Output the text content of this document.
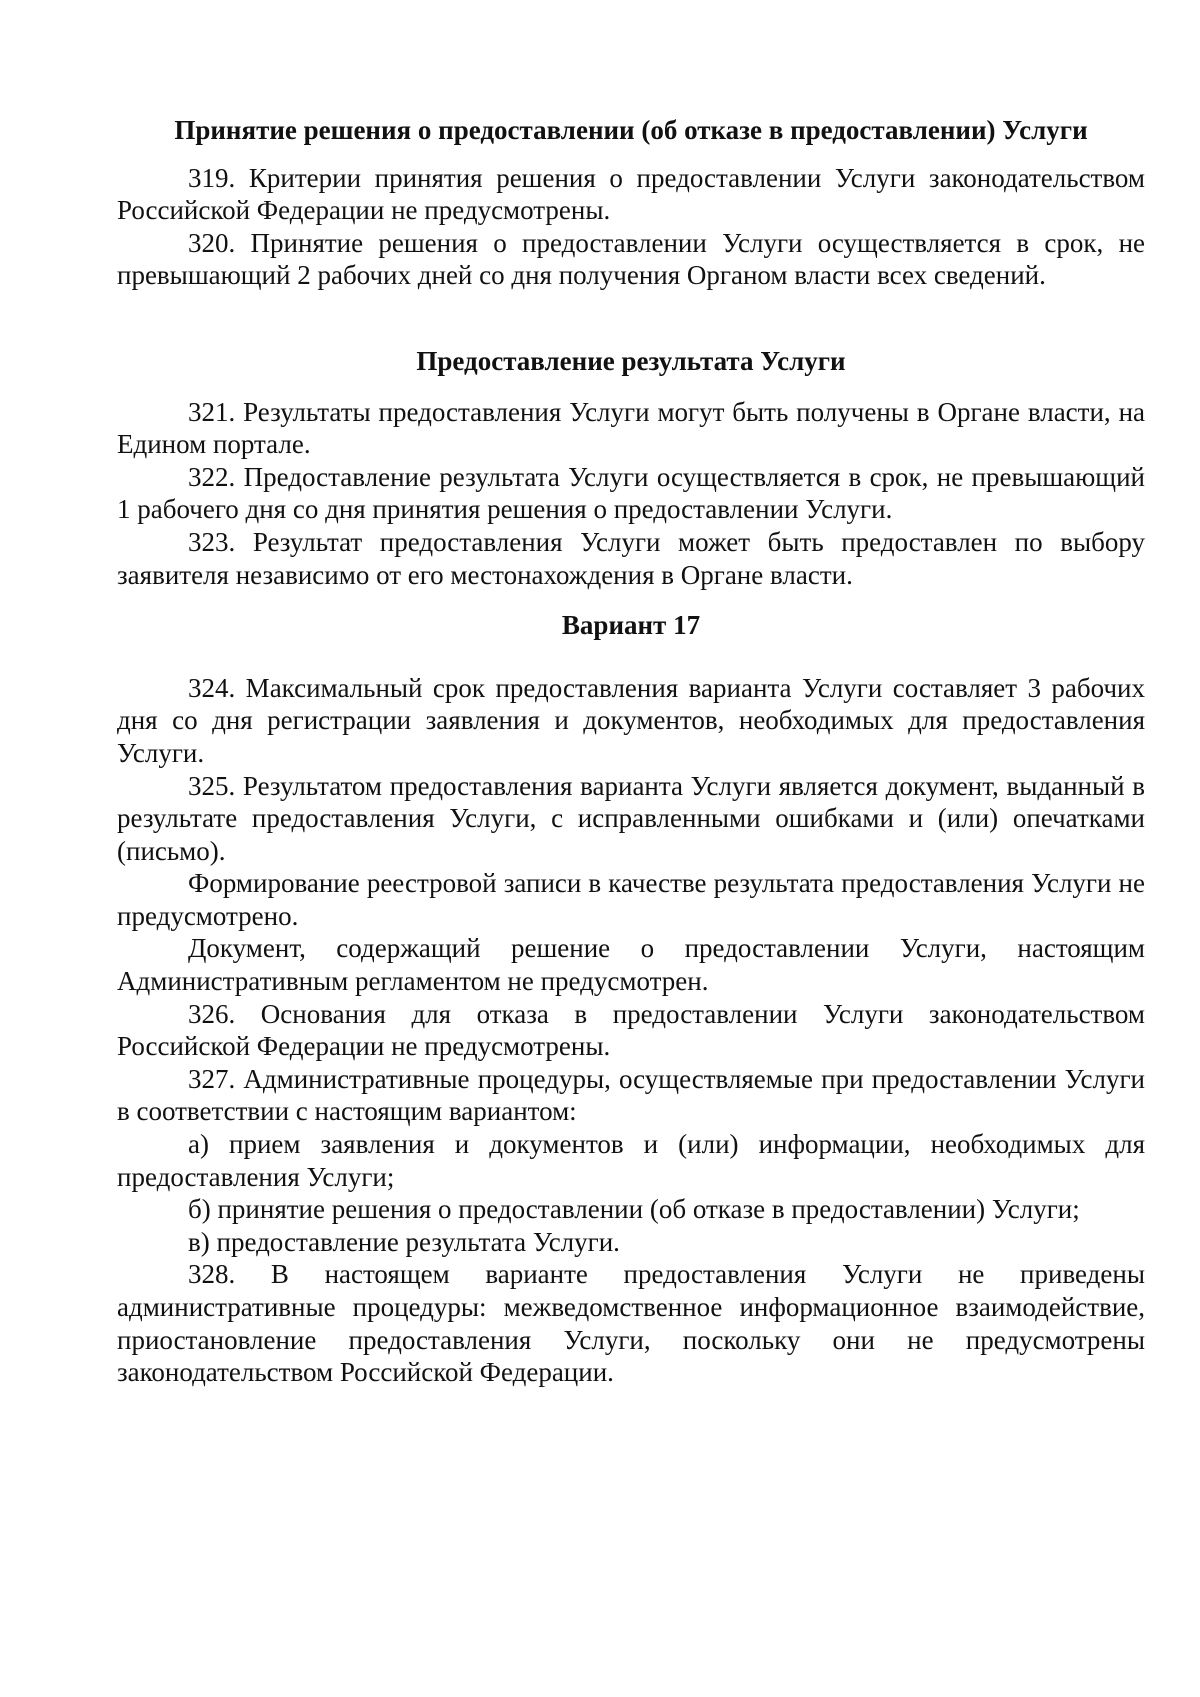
Принятие решения о предоставлении (об отказе в предоставлении) Услуги

319. Критерии принятия решения о предоставлении Услуги законодательством Российской Федерации не предусмотрены.

320. Принятие решения о предоставлении Услуги осуществляется в срок, не превышающий 2 рабочих дней со дня получения Органом власти всех сведений.

Предоставление результата Услуги

321. Результаты предоставления Услуги могут быть получены в Органе власти, на Едином портале.

322. Предоставление результата Услуги осуществляется в срок, не превышающий 1 рабочего дня со дня принятия решения о предоставлении Услуги.

323. Результат предоставления Услуги может быть предоставлен по выбору заявителя независимо от его местонахождения в Органе власти.

Вариант 17

324. Максимальный срок предоставления варианта Услуги составляет 3 рабочих дня со дня регистрации заявления и документов, необходимых для предоставления Услуги.

325. Результатом предоставления варианта Услуги является документ, выданный в результате предоставления Услуги, с исправленными ошибками и (или) опечатками (письмо).

Формирование реестровой записи в качестве результата предоставления Услуги не предусмотрено.

Документ, содержащий решение о предоставлении Услуги, настоящим Административным регламентом не предусмотрен.

326. Основания для отказа в предоставлении Услуги законодательством Российской Федерации не предусмотрены.

327. Административные процедуры, осуществляемые при предоставлении Услуги в соответствии с настоящим вариантом:

а) прием заявления и документов и (или) информации, необходимых для предоставления Услуги;

б) принятие решения о предоставлении (об отказе в предоставлении) Услуги;

в) предоставление результата Услуги.

328. В настоящем варианте предоставления Услуги не приведены административные процедуры: межведомственное информационное взаимодействие, приостановление предоставления Услуги, поскольку они не предусмотрены законодательством Российской Федерации.
